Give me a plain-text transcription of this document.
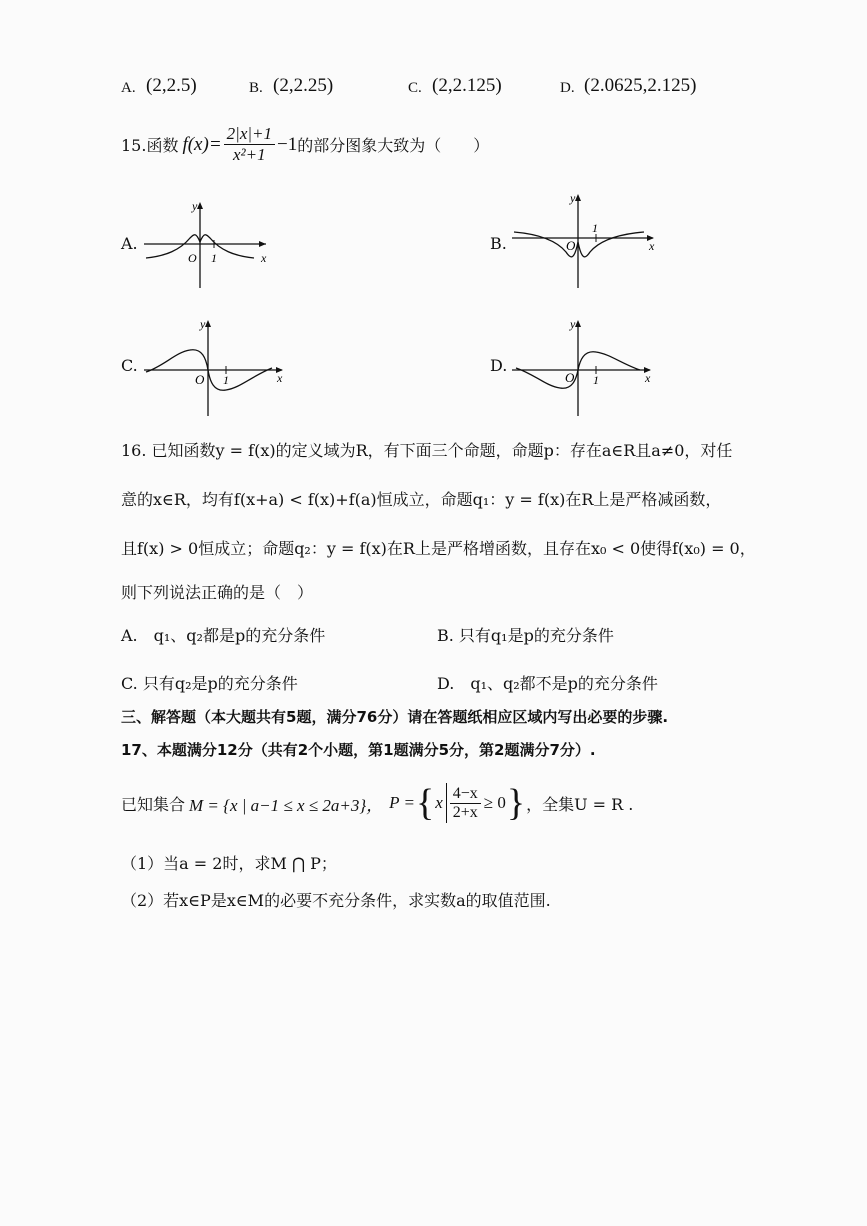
A. (2,2.5)	B. (2,2.25)	C. (2,2.125)	D. (2.0625,2.125)
15.函数 $f(x)= \frac{2|x|+1}{\text{x²+1}} -1$ 的部分图象大致为（　　）
A.
y
x
O 1
B.
y
x
O
1
C.
y
x
O 1
D.
y
x
O 1
16. 已知函数y = f(x)的定义域为R，有下面三个命题，命题p：存在a∈R且a≠0，对任
意的x∈R，均有f(x+a) < f(x)+f(a)恒成立，命题q₁：y = f(x)在R上是严格减函数，
且f(x) > 0恒成立；命题q₂：y = f(x)在R上是严格增函数，且存在x₀ < 0使得f(x₀) = 0，
则下列说法正确的是（　）
A.　q₁、q₂都是p的充分条件	B. 只有q₁是p的充分条件
C. 只有q₂是p的充分条件	D.　q₁、q₂都不是p的充分条件
三、解答题（本大题共有5题，满分76分）请在答题纸相应区域内写出必要的步骤.
17、本题满分12分（共有2个小题，第1题满分5分，第2题满分7分）.
已知集合 M = {x | a−1 ≤ x ≤ 2a+3}， P = { x $\frac{4-x}{2+x} \ge 0$ } ，全集U = R .
（1）当a = 2时，求M ⋂ P；
（2）若x∈P是x∈M的必要不充分条件，求实数a的取值范围.
